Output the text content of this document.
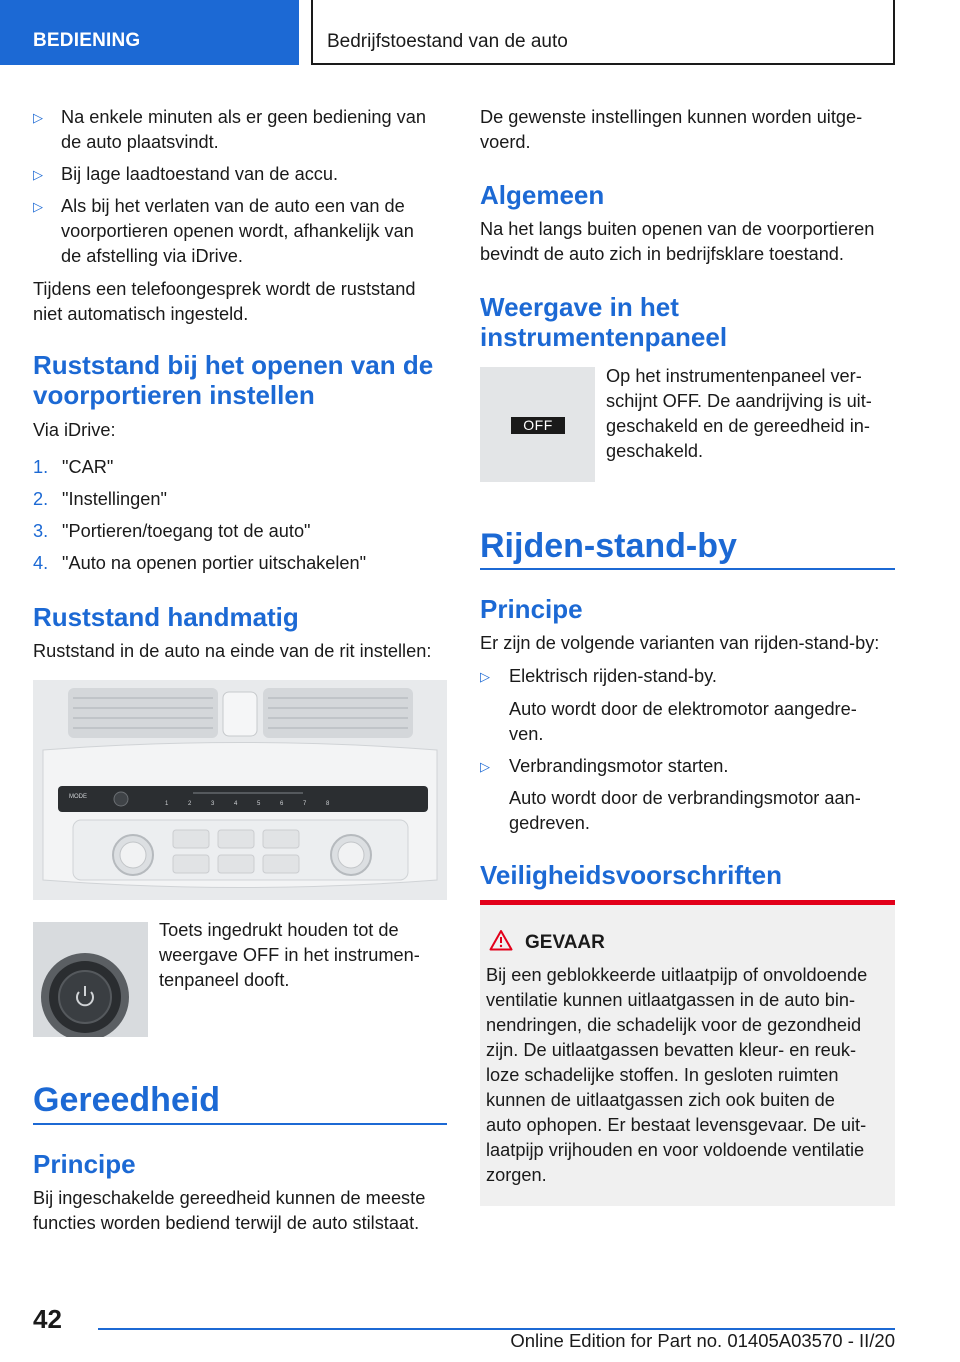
BEDIENING	Bedrijfstoestand van de auto
▷ Na enkele minuten als er geen bediening van
de auto plaatsvindt.
▷ Bij lage laadtoestand van de accu.
▷ Als bij het verlaten van de auto een van de
voorportieren openen wordt, afhankelijk van
de afstelling via iDrive.
Tijdens een telefoongesprek wordt de ruststand
niet automatisch ingesteld.
Ruststand bij het openen van de
voorportieren instellen
Via iDrive:
1. "CAR"
2. "Instellingen"
3. "Portieren/toegang tot de auto"
4. "Auto na openen portier uitschakelen"
Ruststand handmatig
Ruststand in de auto na einde van de rit instellen:
MODE
1	2	3	4	5	6	7	8
Toets ingedrukt houden tot de
weergave OFF in het instrumen-
tenpaneel dooft.
Gereedheid
Principe
Bij ingeschakelde gereedheid kunnen de meeste
functies worden bediend terwijl de auto stilstaat.
De gewenste instellingen kunnen worden uitge-
voerd.
Algemeen
Na het langs buiten openen van de voorportieren
bevindt de auto zich in bedrijfsklare toestand.
Weergave in het
instrumentenpaneel
OFF
Op het instrumentenpaneel ver-
schijnt OFF. De aandrijving is uit-
geschakeld en de gereedheid in-
geschakeld.
Rijden-stand-by
Principe
Er zijn de volgende varianten van rijden-stand-by:
▷ Elektrisch rijden-stand-by.
Auto wordt door de elektromotor aangedre-
ven.
▷ Verbrandingsmotor starten.
Auto wordt door de verbrandingsmotor aan-
gedreven.
Veiligheidsvoorschriften
GEVAAR
Bij een geblokkeerde uitlaatpijp of onvoldoende
ventilatie kunnen uitlaatgassen in de auto bin-
nendringen, die schadelijk voor de gezondheid
zijn. De uitlaatgassen bevatten kleur- en reuk-
loze schadelijke stoffen. In gesloten ruimten
kunnen de uitlaatgassen zich ook buiten de
auto ophopen. Er bestaat levensgevaar. De uit-
laatpijp vrijhouden en voor voldoende ventilatie
zorgen.
42
Online Edition for Part no. 01405A03570 - II/20
